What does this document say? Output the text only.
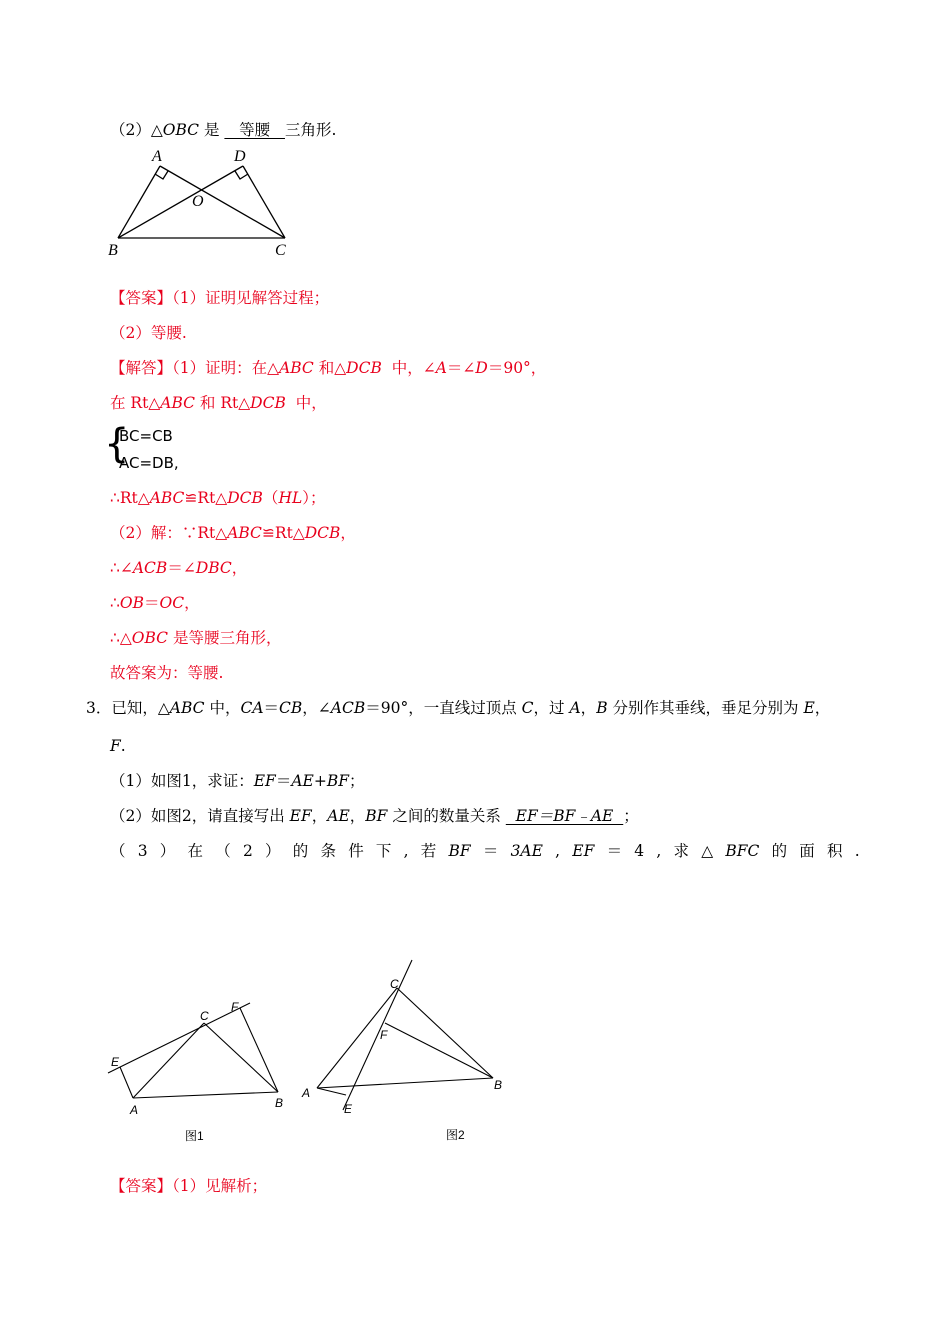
（2）△OBC 是    等腰   三角形.
A	D
O
B	C
【答案】（1）证明见解答过程；
（2）等腰.
【解答】（1）证明：在△ABC 和△DCB  中，∠A＝∠D＝90°，
在 Rt△ABC 和 Rt△DCB  中，
{
BC=CB
AC=DB,
∴Rt△ABC≌Rt△DCB（HL）；
（2）解：∵Rt△ABC≌Rt△DCB，
∴∠ACB＝∠DBC，
∴OB＝OC，
∴△OBC 是等腰三角形，
故答案为：等腰.
3．已知，△ABC 中，CA＝CB，∠ACB＝90°，一直线过顶点 C，过 A，B 分别作其垂线，垂足分别为 E，
F.
（1）如图1，求证：EF＝AE+BF；
（2）如图2，请直接写出 EF，AE，BF 之间的数量关系   EF＝BF﹣AE  ；
（ 3 ） 在 （ 2 ） 的 条 件 下 , 若 BF ＝ 3AE , EF ＝ 4 , 求 △ BFC 的 面 积 .
E
C
F
A	B
图1
C
F
A
E
B
图2
【答案】（1）见解析；
